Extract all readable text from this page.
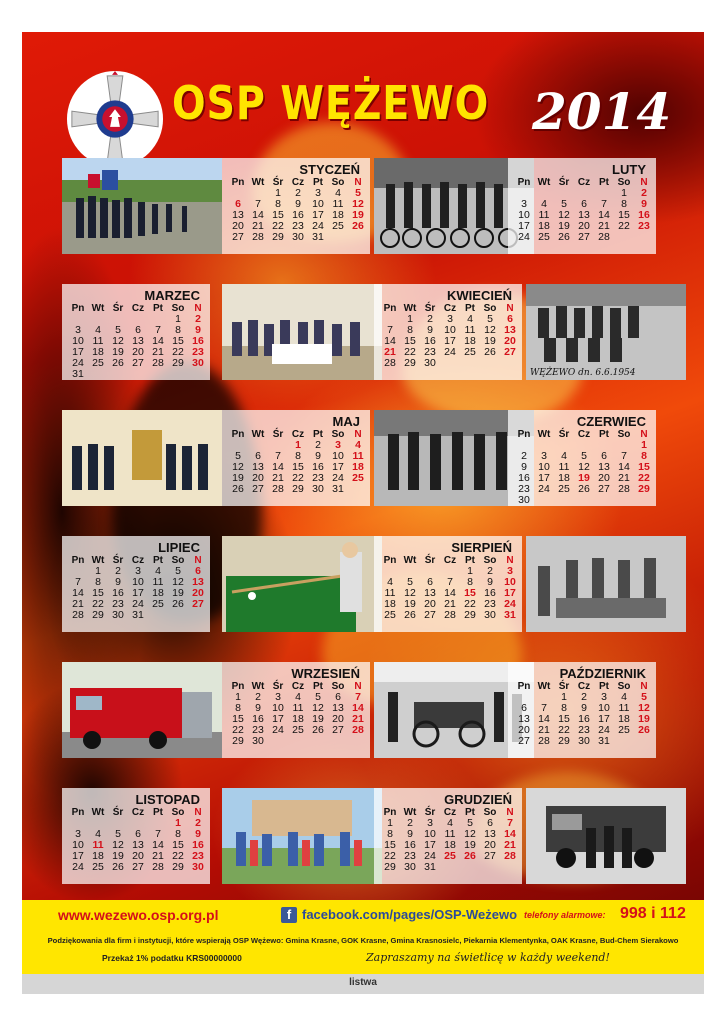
OSP WĘŻEWO 2014
STYCZEŃ
Pn	Wt	Śr	Cz	Pt	So	N
		1	2	3	4	5
6	7	8	9	10	11	12
13	14	15	16	17	18	19
20	21	22	23	24	25	26
27	28	29	30	31		
LUTY
Pn	Wt	Śr	Cz	Pt	So	N
					1	2
3	4	5	6	7	8	9
10	11	12	13	14	15	16
17	18	19	20	21	22	23
24	25	26	27	28		
MARZEC
Pn	Wt	Śr	Cz	Pt	So	N
					1	2
3	4	5	6	7	8	9
10	11	12	13	14	15	16
17	18	19	20	21	22	23
24	25	26	27	28	29	30
31						
KWIECIEŃ
Pn	Wt	Śr	Cz	Pt	So	N
	1	2	3	4	5	6
7	8	9	10	11	12	13
14	15	16	17	18	19	20
21	22	23	24	25	26	27
28	29	30				
WĘŻEWO dn. 6.6.1954
MAJ
Pn	Wt	Śr	Cz	Pt	So	N
			1	2	3	4
5	6	7	8	9	10	11
12	13	14	15	16	17	18
19	20	21	22	23	24	25
26	27	28	29	30	31	
CZERWIEC
Pn	Wt	Śr	Cz	Pt	So	N
						1
2	3	4	5	6	7	8
9	10	11	12	13	14	15
16	17	18	19	20	21	22
23	24	25	26	27	28	29
30						
LIPIEC
Pn	Wt	Śr	Cz	Pt	So	N
	1	2	3	4	5	6
7	8	9	10	11	12	13
14	15	16	17	18	19	20
21	22	23	24	25	26	27
28	29	30	31			
SIERPIEŃ
Pn	Wt	Śr	Cz	Pt	So	N
				1	2	3
4	5	6	7	8	9	10
11	12	13	14	15	16	17
18	19	20	21	22	23	24
25	26	27	28	29	30	31
WRZESIEŃ
Pn	Wt	Śr	Cz	Pt	So	N
1	2	3	4	5	6	7
8	9	10	11	12	13	14
15	16	17	18	19	20	21
22	23	24	25	26	27	28
29	30					
PAŹDZIERNIK
Pn	Wt	Śr	Cz	Pt	So	N
		1	2	3	4	5
6	7	8	9	10	11	12
13	14	15	16	17	18	19
20	21	22	23	24	25	26
27	28	29	30	31		
LISTOPAD
Pn	Wt	Śr	Cz	Pt	So	N
					1	2
3	4	5	6	7	8	9
10	11	12	13	14	15	16
17	18	19	20	21	22	23
24	25	26	27	28	29	30
GRUDZIEŃ
Pn	Wt	Śr	Cz	Pt	So	N
1	2	3	4	5	6	7
8	9	10	11	12	13	14
15	16	17	18	19	20	21
22	23	24	25	26	27	28
29	30	31				
www.wezewo.osp.org.pl	f facebook.com/pages/OSP-Weżewo telefony alarmowe: 998 i 112
Podziękowania dla firm i instytucji, które wspierają OSP Wężewo: Gmina Krasne, GOK Krasne, Gmina Krasnosielc, Piekarnia Klementynka, OAK Krasne, Bud-Chem Sierakowo
Przekaż 1% podatku KRS00000000	Zapraszamy na świetlicę w każdy weekend!
listwa
